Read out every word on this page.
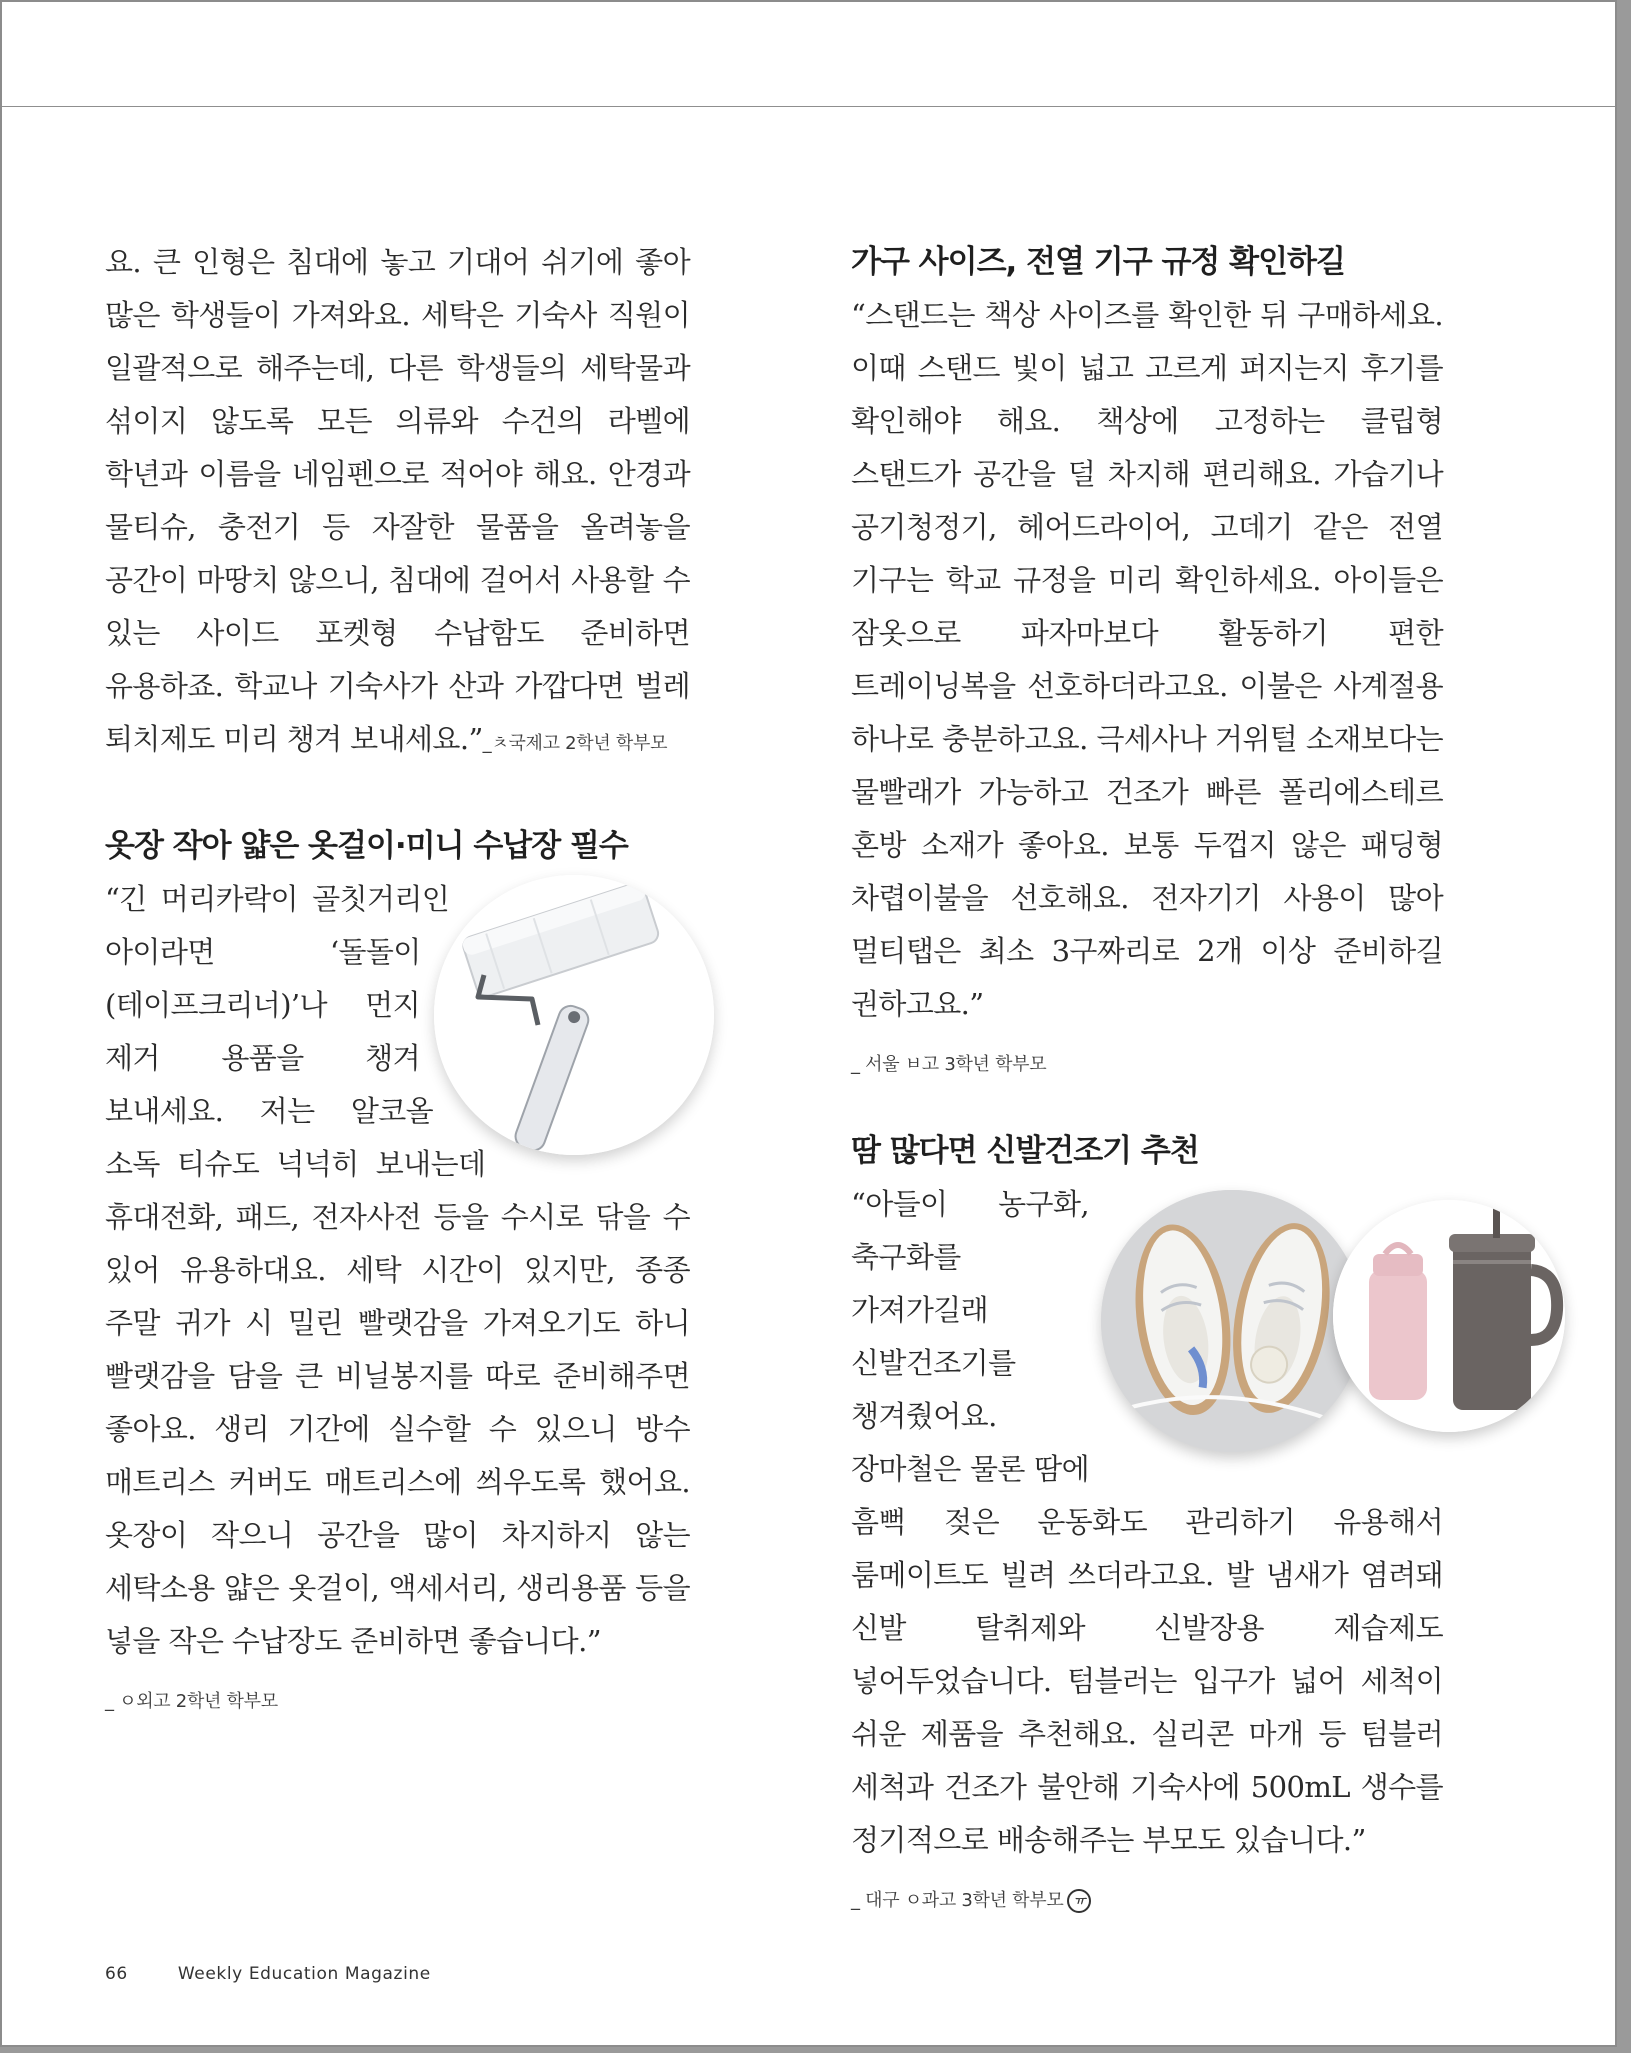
요. 큰 인형은 침대에 놓고 기대어 쉬기에 좋아 많은 학생들이 가져와요. 세탁은 기숙사 직원이 일괄적으로 해주는데, 다른 학생들의 세탁물과 섞이지 않도록 모든 의류와 수건의 라벨에 학년과 이름을 네임펜으로 적어야 해요. 안경과 물티슈, 충전기 등 자잘한 물품을 올려놓을 공간이 마땅치 않으니, 침대에 걸어서 사용할 수 있는 사이드 포켓형 수납함도 준비하면 유용하죠. 학교나 기숙사가 산과 가깝다면 벌레 퇴치제도 미리 챙겨 보내세요.”_ㅊ국제고 2학년 학부모

옷장 작아 얇은 옷걸이·미니 수납장 필수

“긴 머리카락이 골칫거리인 아이라면 ‘돌돌이(테이프크리너)’나 먼지 제거 용품을 챙겨 보내세요. 저는 알코올 소독 티슈도 넉넉히 보내는데 휴대전화, 패드, 전자사전 등을 수시로 닦을 수 있어 유용하대요. 세탁 시간이 있지만, 종종 주말 귀가 시 밀린 빨랫감을 가져오기도 하니 빨랫감을 담을 큰 비닐봉지를 따로 준비해주면 좋아요. 생리 기간에 실수할 수 있으니 방수 매트리스 커버도 매트리스에 씌우도록 했어요. 옷장이 작으니 공간을 많이 차지하지 않는 세탁소용 얇은 옷걸이, 액세서리, 생리용품 등을 넣을 작은 수납장도 준비하면 좋습니다.”

_ ㅇ외고 2학년 학부모
가구 사이즈, 전열 기구 규정 확인하길

“스탠드는 책상 사이즈를 확인한 뒤 구매하세요. 이때 스탠드 빛이 넓고 고르게 퍼지는지 후기를 확인해야 해요. 책상에 고정하는 클립형 스탠드가 공간을 덜 차지해 편리해요. 가습기나 공기청정기, 헤어드라이어, 고데기 같은 전열 기구는 학교 규정을 미리 확인하세요. 아이들은 잠옷으로 파자마보다 활동하기 편한 트레이닝복을 선호하더라고요. 이불은 사계절용 하나로 충분하고요. 극세사나 거위털 소재보다는 물빨래가 가능하고 건조가 빠른 폴리에스테르 혼방 소재가 좋아요. 보통 두껍지 않은 패딩형 차렵이불을 선호해요. 전자기기 사용이 많아 멀티탭은 최소 3구짜리로 2개 이상 준비하길 권하고요.”

_ 서울 ㅂ고 3학년 학부모
땀 많다면 신발건조기 추천

“아들이 농구화, 축구화를 가져가길래 신발건조기를 챙겨줬어요. 장마철은 물론 땀에 흠뻑 젖은 운동화도 관리하기 유용해서 룸메이트도 빌려 쓰더라고요. 발 냄새가 염려돼 신발 탈취제와 신발장용 제습제도 넣어두었습니다. 텀블러는 입구가 넓어 세척이 쉬운 제품을 추천해요. 실리콘 마개 등 텀블러 세척과 건조가 불안해 기숙사에 500mL 생수를 정기적으로 배송해주는 부모도 있습니다.”

_ 대구 ㅇ과고 3학년 학부모 ㅠ
66	Weekly Education Magazine
